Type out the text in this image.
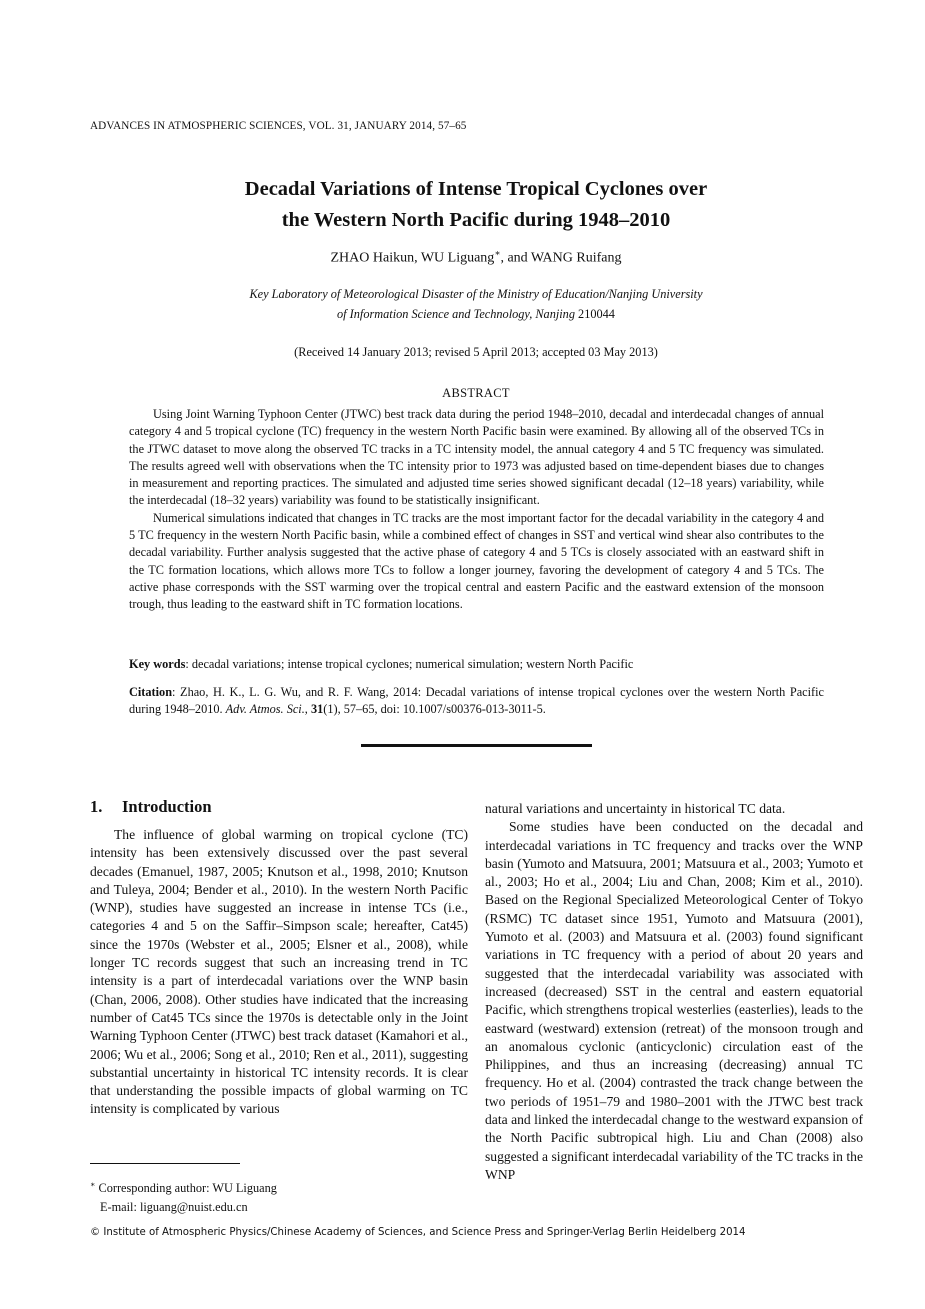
ADVANCES IN ATMOSPHERIC SCIENCES, VOL. 31, JANUARY 2014, 57–65
Decadal Variations of Intense Tropical Cyclones over
the Western North Pacific during 1948–2010
ZHAO Haikun, WU Liguang∗, and WANG Ruifang
Key Laboratory of Meteorological Disaster of the Ministry of Education/Nanjing University
of Information Science and Technology, Nanjing 210044
(Received 14 January 2013; revised 5 April 2013; accepted 03 May 2013)
ABSTRACT

Using Joint Warning Typhoon Center (JTWC) best track data during the period 1948–2010, decadal and interdecadal changes of annual category 4 and 5 tropical cyclone (TC) frequency in the western North Pacific basin were examined. By allowing all of the observed TCs in the JTWC dataset to move along the observed TC tracks in a TC intensity model, the annual category 4 and 5 TC frequency was simulated. The results agreed well with observations when the TC intensity prior to 1973 was adjusted based on time-dependent biases due to changes in measurement and reporting practices. The simulated and adjusted time series showed significant decadal (12–18 years) variability, while the interdecadal (18–32 years) variability was found to be statistically insignificant.

Numerical simulations indicated that changes in TC tracks are the most important factor for the decadal variability in the category 4 and 5 TC frequency in the western North Pacific basin, while a combined effect of changes in SST and vertical wind shear also contributes to the decadal variability. Further analysis suggested that the active phase of category 4 and 5 TCs is closely associated with an eastward shift in the TC formation locations, which allows more TCs to follow a longer journey, favoring the development of category 4 and 5 TCs. The active phase corresponds with the SST warming over the tropical central and eastern Pacific and the eastward extension of the monsoon trough, thus leading to the eastward shift in TC formation locations.

Key words: decadal variations; intense tropical cyclones; numerical simulation; western North Pacific
Citation: Zhao, H. K., L. G. Wu, and R. F. Wang, 2014: Decadal variations of intense tropical cyclones over the western North Pacific during 1948–2010. Adv. Atmos. Sci., 31(1), 57–65, doi: 10.1007/s00376-013-3011-5.
1. Introduction

The influence of global warming on tropical cyclone (TC) intensity has been extensively discussed over the past several decades (Emanuel, 1987, 2005; Knutson et al., 1998, 2010; Knutson and Tuleya, 2004; Bender et al., 2010). In the western North Pacific (WNP), studies have suggested an increase in intense TCs (i.e., categories 4 and 5 on the Saffir–Simpson scale; hereafter, Cat45) since the 1970s (Webster et al., 2005; Elsner et al., 2008), while longer TC records suggest that such an increasing trend in TC intensity is a part of interdecadal variations over the WNP basin (Chan, 2006, 2008). Other studies have indicated that the increasing number of Cat45 TCs since the 1970s is detectable only in the Joint Warning Typhoon Center (JTWC) best track dataset (Kamahori et al., 2006; Wu et al., 2006; Song et al., 2010; Ren et al., 2011), suggesting substantial uncertainty in historical TC intensity records. It is clear that understanding the possible impacts of global warming on TC intensity is complicated by various

natural variations and uncertainty in historical TC data.

Some studies have been conducted on the decadal and interdecadal variations in TC frequency and tracks over the WNP basin (Yumoto and Matsuura, 2001; Matsuura et al., 2003; Yumoto et al., 2003; Ho et al., 2004; Liu and Chan, 2008; Kim et al., 2010). Based on the Regional Specialized Meteorological Center of Tokyo (RSMC) TC dataset since 1951, Yumoto and Matsuura (2001), Yumoto et al. (2003) and Matsuura et al. (2003) found significant variations in TC frequency with a period of about 20 years and suggested that the interdecadal variability was associated with increased (decreased) SST in the central and eastern equatorial Pacific, which strengthens tropical westerlies (easterlies), leads to the eastward (westward) extension (retreat) of the monsoon trough and an anomalous cyclonic (anticyclonic) circulation east of the Philippines, and thus an increasing (decreasing) annual TC frequency. Ho et al. (2004) contrasted the track change between the two periods of 1951–79 and 1980–2001 with the JTWC best track data and linked the interdecadal change to the westward expansion of the North Pacific subtropical high. Liu and Chan (2008) also suggested a significant interdecadal variability of the TC tracks in the WNP

∗ Corresponding author: WU Liguang
E-mail: liguang@nuist.edu.cn
© Institute of Atmospheric Physics/Chinese Academy of Sciences, and Science Press and Springer-Verlag Berlin Heidelberg 2014
